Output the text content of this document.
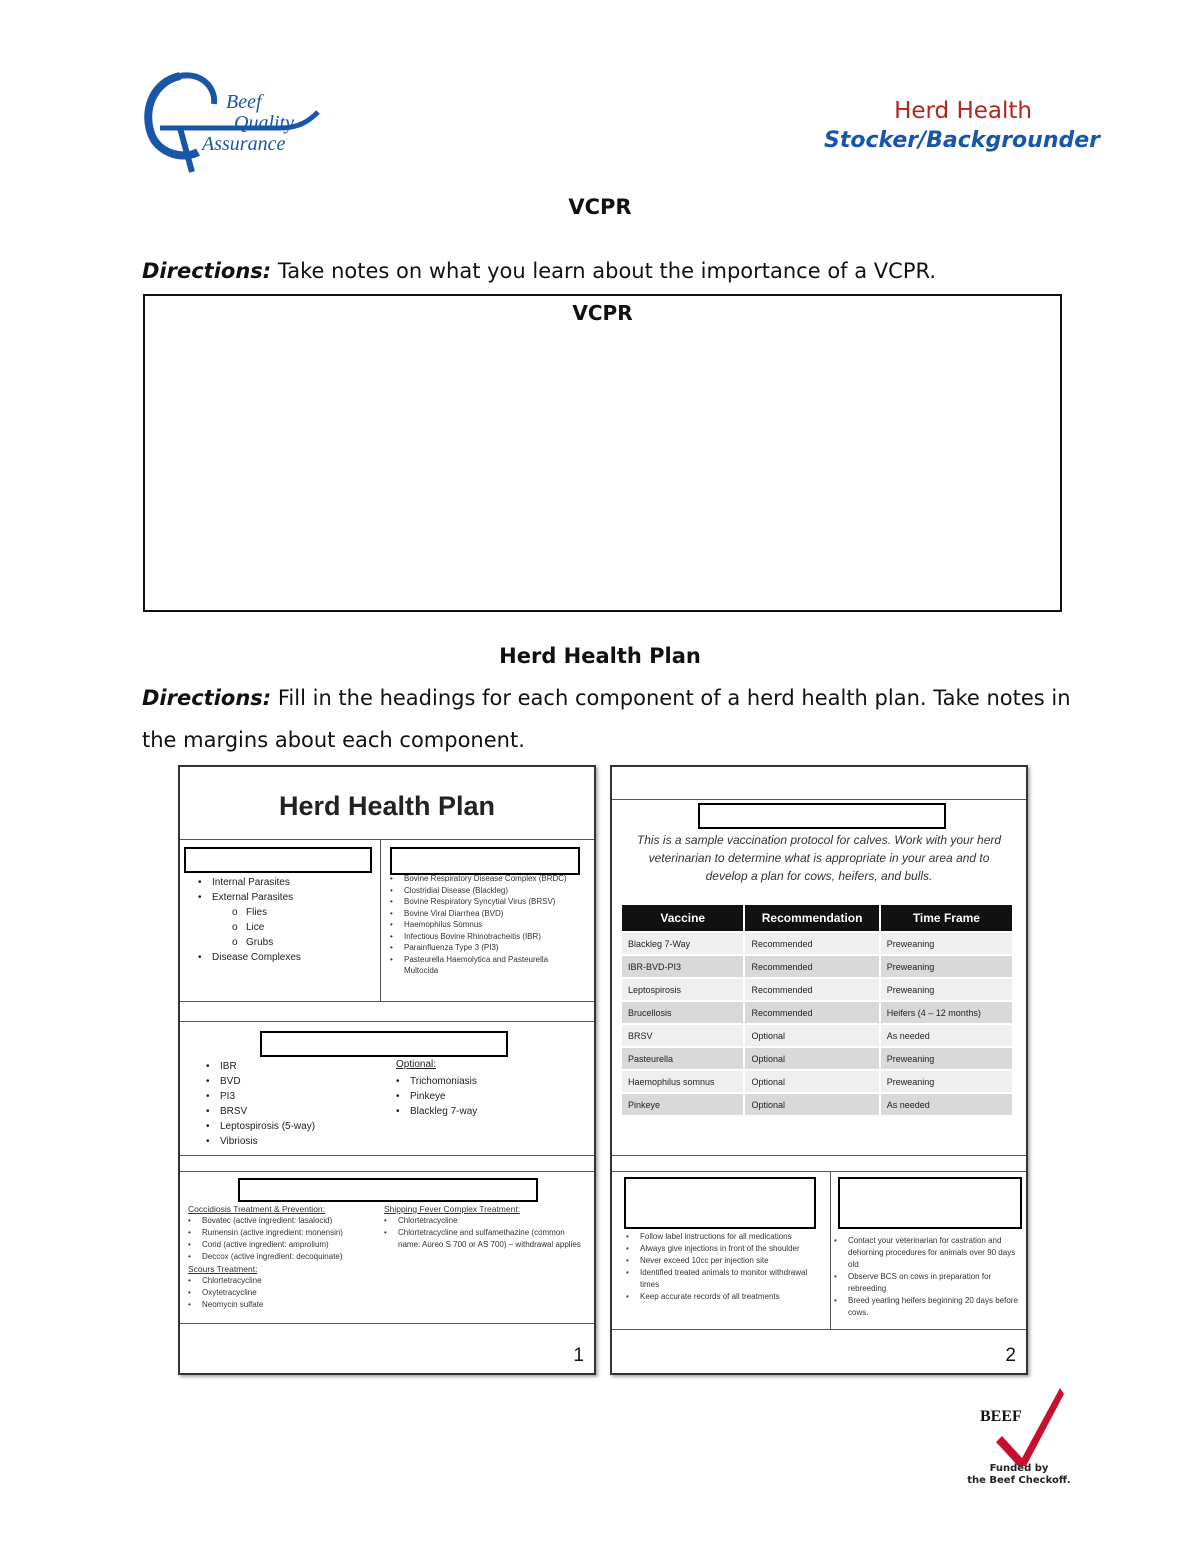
Beef
Quality
Assurance
Herd Health
Stocker/Backgrounder
VCPR
Directions: Take notes on what you learn about the importance of a VCPR.
VCPR
Herd Health Plan
Directions: Fill in the headings for each component of a herd health plan. Take notes in the margins about each component.
Herd Health Plan
• Internal Parasites
• External Parasites
o Flies
o Lice
o Grubs
• Disease Complexes
• Bovine Respiratory Disease Complex (BRDC)
• Clostridial Disease (Blackleg)
• Bovine Respiratory Syncytial Virus (BRSV)
• Bovine Viral Diarrhea (BVD)
• Haemophilus Somnus
• Infectious Bovine Rhinotracheitis (IBR)
• Parainfluenza Type 3 (PI3)
• Pasteurella Haemolytica and Pasteurella Multocida
• IBR
• BVD
• PI3
• BRSV
• Leptospirosis (5-way)
• Vibriosis
Optional:
• Trichomoniasis
• Pinkeye
• Blackleg 7-way
Coccidiosis Treatment & Prevention:
• Bovatec (active ingredient: lasalocid)
• Rumensin (active ingredient: monensin)
• Corid (active ingredient: amprolium)
• Deccox (active ingredient: decoquinate)
Scours Treatment:
• Chlortetracycline
• Oxytetracycline
• Neomycin sulfate
Shipping Fever Complex Treatment:
• Chlortetracycline
• Chlortetracycline and sulfamethazine (common name: Aureo S 700 or AS 700) – withdrawal applies
1
This is a sample vaccination protocol for calves. Work with your herd veterinarian to determine what is appropriate in your area and to develop a plan for cows, heifers, and bulls.
Vaccine	Recommendation	Time Frame
Blackleg 7-Way	Recommended	Preweaning
IBR-BVD-PI3	Recommended	Preweaning
Leptospirosis	Recommended	Preweaning
Brucellosis	Recommended	Heifers (4 – 12 months)
BRSV	Optional	As needed
Pasteurella	Optional	Preweaning
Haemophilus somnus	Optional	Preweaning
Pinkeye	Optional	As needed
• Follow label instructions for all medications
• Always give injections in front of the shoulder
• Never exceed 10cc per injection site
• Identified treated animals to monitor withdrawal times
• Keep accurate records of all treatments
• Contact your veterinarian for castration and dehorning procedures for animals over 90 days old
• Observe BCS on cows in preparation for rebreeding
• Breed yearling heifers beginning 20 days before cows.
2
BEEF
Funded by
the Beef Checkoff.
